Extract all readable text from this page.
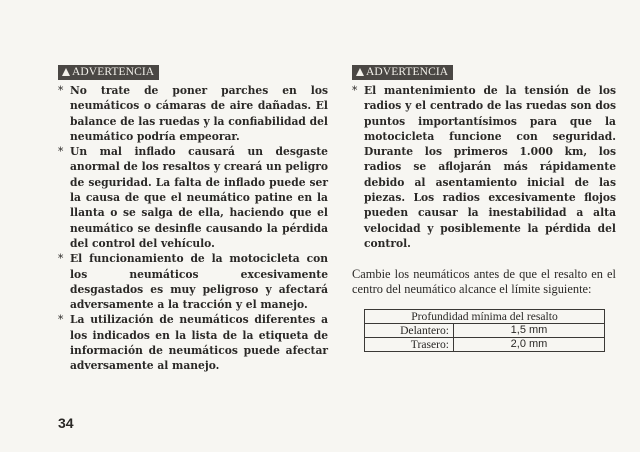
ADVERTENCIA
* No trate de poner parches en los neumáticos o cámaras de aire dañadas. El balance de las ruedas y la confiabilidad del neumático podría empeorar.
* Un mal inflado causará un desgaste anormal de los resaltos y creará un peligro de seguridad. La falta de inflado puede ser la causa de que el neumático patine en la llanta o se salga de ella, haciendo que el neumático se desinfle causando la pérdida del control del vehículo.
* El funcionamiento de la motocicleta con los neumáticos excesivamente desgastados es muy peligroso y afectará adversamente a la tracción y el manejo.
* La utilización de neumáticos diferentes a los indicados en la lista de la etiqueta de información de neumáticos puede afectar adversamente al manejo.
ADVERTENCIA
* El mantenimiento de la tensión de los radios y el centrado de las ruedas son dos puntos importantísimos para que la motocicleta funcione con seguridad. Durante los primeros 1.000 km, los radios se aflojarán más rápidamente debido al asentamiento inicial de las piezas. Los radios excesivamente flojos pueden causar la inestabilidad a alta velocidad y posiblemente la pérdida del control.

Cambie los neumáticos antes de que el resalto en el centro del neumático alcance el límite siguiente:

Profundidad mínima del resalto	
Delantero:	1,5 mm
Trasero:	2,0 mm
34
